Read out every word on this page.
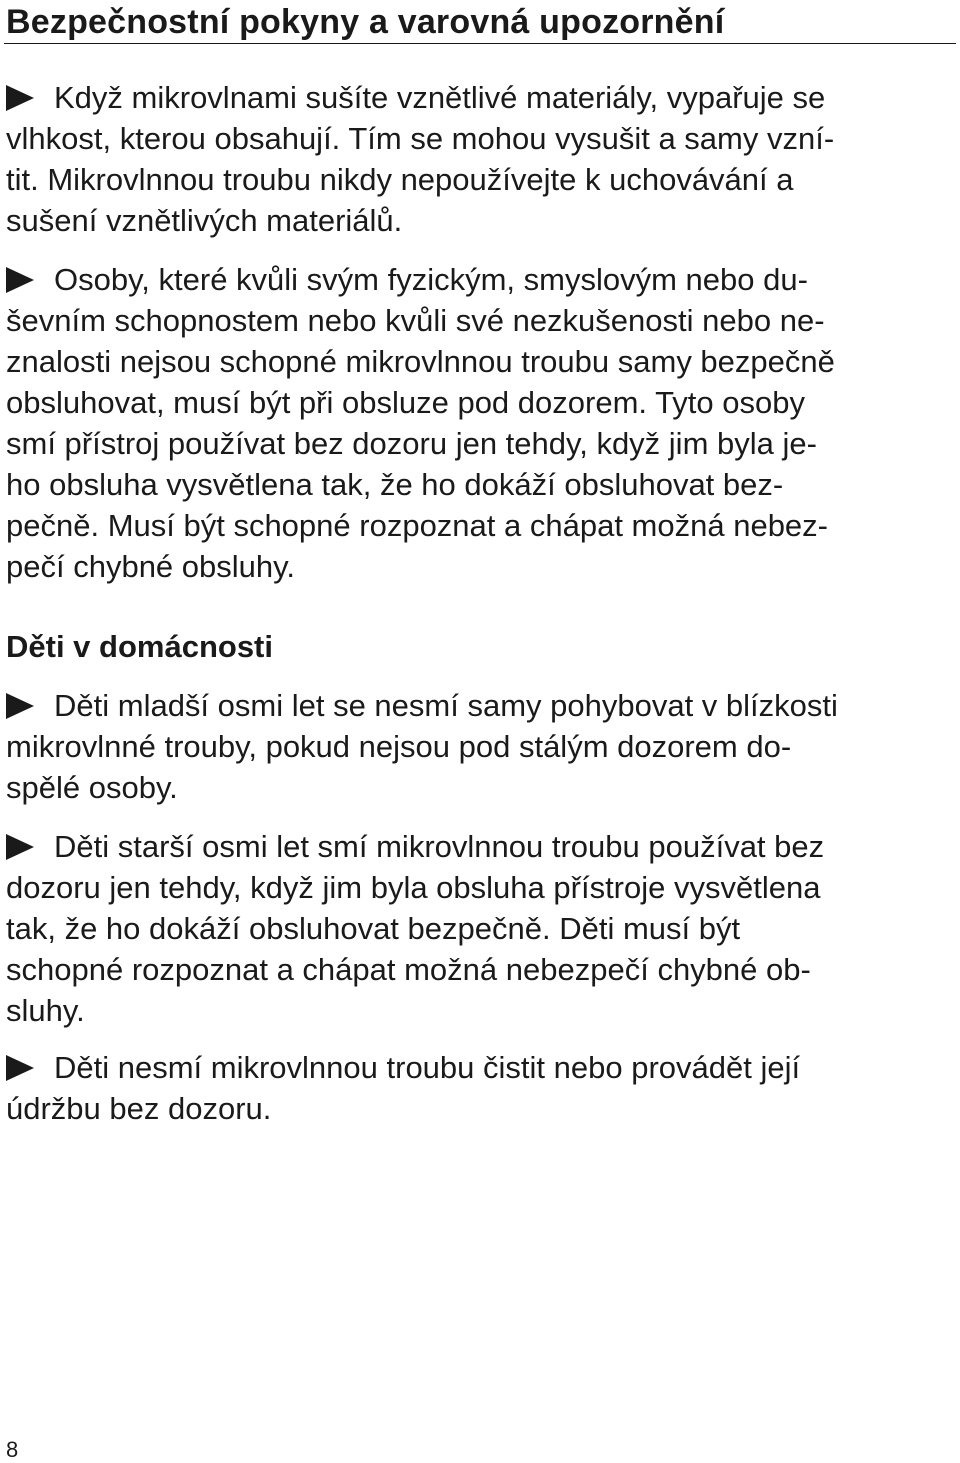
Bezpečnostní pokyny a varovná upozornění
Když mikrovlnami sušíte vznětlivé materiály, vypařuje se
vlhkost, kterou obsahují. Tím se mohou vysušit a samy vzní-
tit. Mikrovlnnou troubu nikdy nepoužívejte k uchovávání a
sušení vznětlivých materiálů.
Osoby, které kvůli svým fyzickým, smyslovým nebo du-
ševním schopnostem nebo kvůli své nezkušenosti nebo ne-
znalosti nejsou schopné mikrovlnnou troubu samy bezpečně
obsluhovat, musí být při obsluze pod dozorem. Tyto osoby
smí přístroj používat bez dozoru jen tehdy, když jim byla je-
ho obsluha vysvětlena tak, že ho dokáží obsluhovat bez-
pečně. Musí být schopné rozpoznat a chápat možná nebez-
pečí chybné obsluhy.
Děti v domácnosti
Děti mladší osmi let se nesmí samy pohybovat v blízkosti
mikrovlnné trouby, pokud nejsou pod stálým dozorem do-
spělé osoby.
Děti starší osmi let smí mikrovlnnou troubu používat bez
dozoru jen tehdy, když jim byla obsluha přístroje vysvětlena
tak, že ho dokáží obsluhovat bezpečně. Děti musí být
schopné rozpoznat a chápat možná nebezpečí chybné ob-
sluhy.
Děti nesmí mikrovlnnou troubu čistit nebo provádět její
údržbu bez dozoru.
8
